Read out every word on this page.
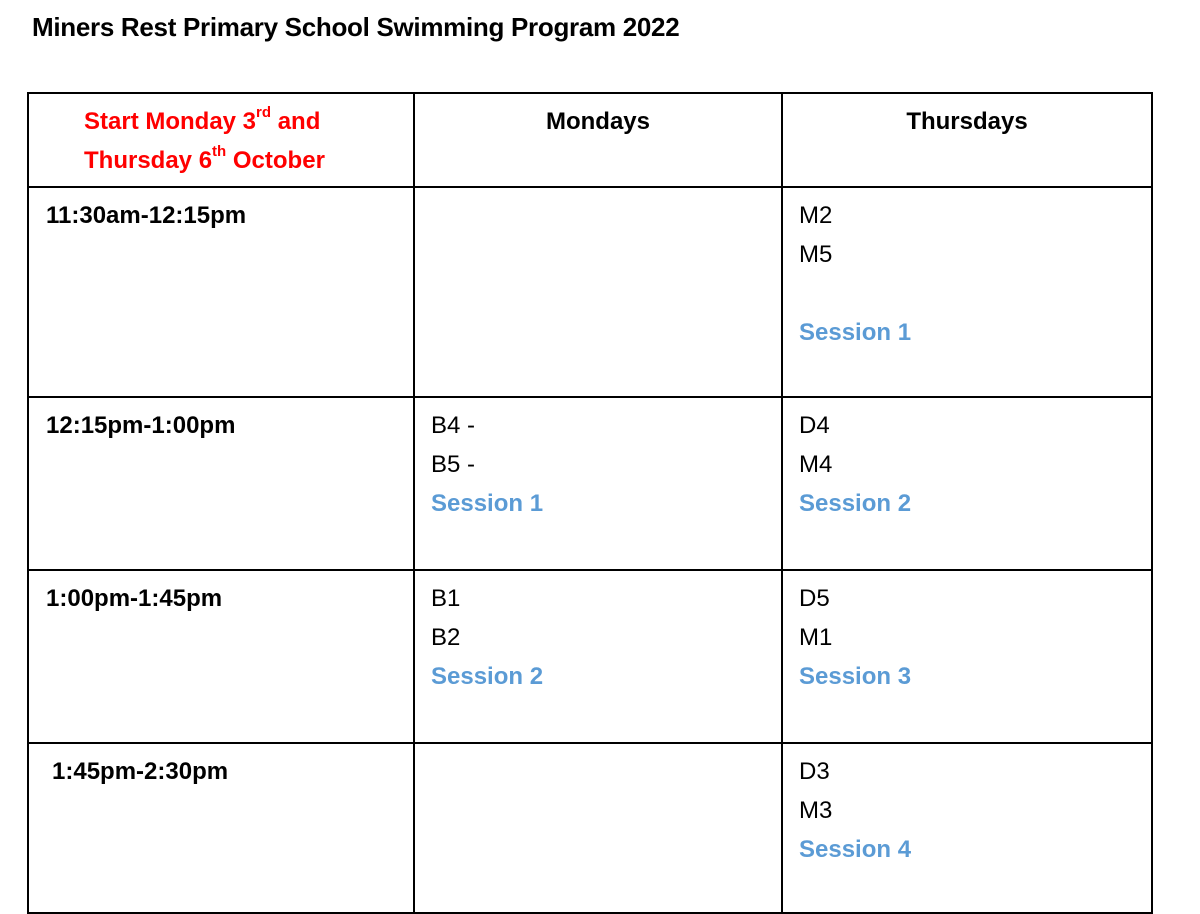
Miners Rest Primary School Swimming Program 2022
Start Monday 3rd and
Thursday 6th October	Mondays	Thursdays
11:30am-12:15pm		M2
M5
Session 1

12:15pm-1:00pm	B4 -
B5 -
Session 1	D4
M4
Session 2

1:00pm-1:45pm	B1
B2
Session 2	D5
M1
Session 3

1:45pm-2:30pm		D3
M3
Session 4
